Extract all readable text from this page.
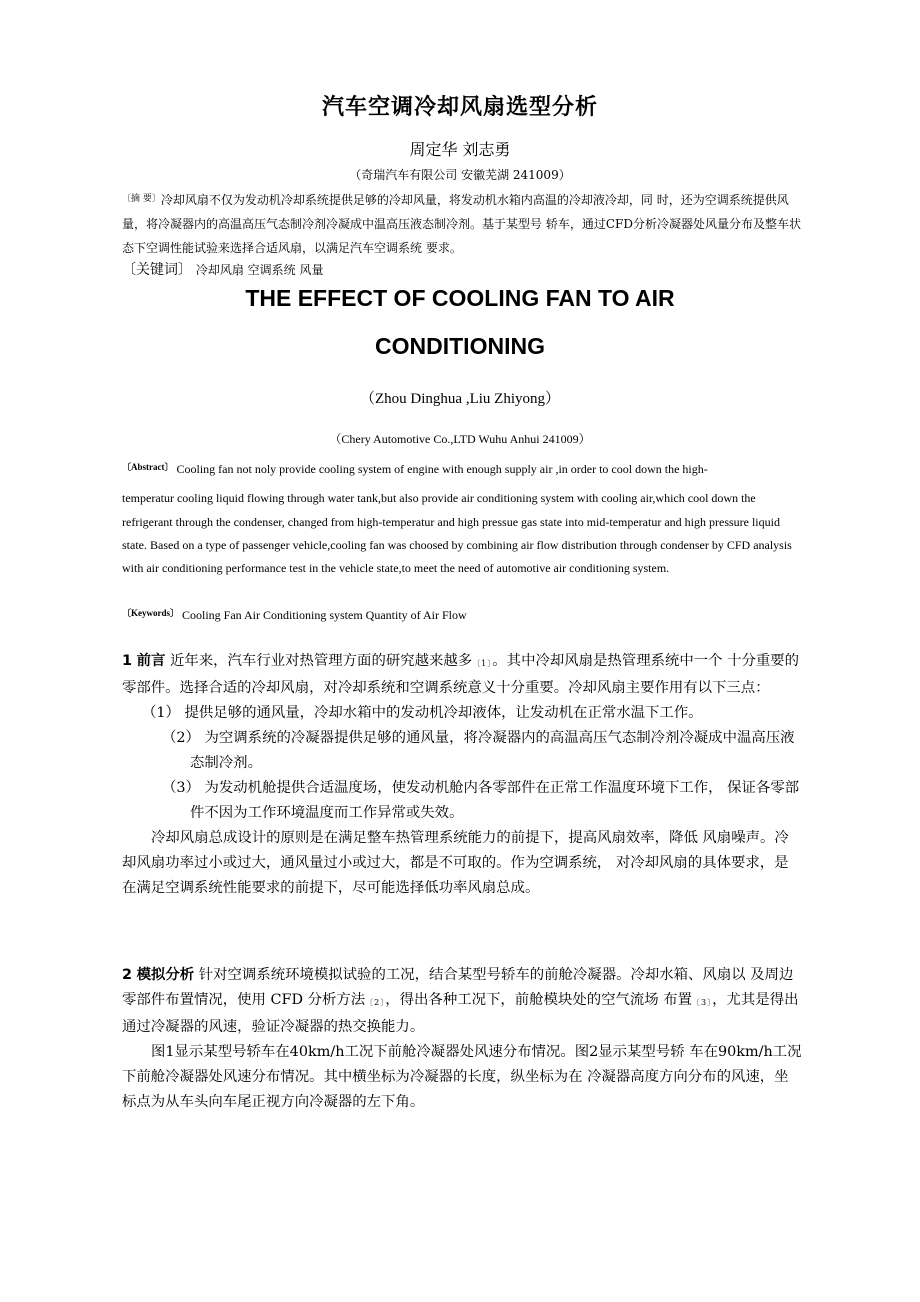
汽车空调冷却风扇选型分析
周定华 刘志勇
（奇瑞汽车有限公司 安徽芜湖 241009）
$^{〔摘 要〕}$冷却风扇不仅为发动机冷却系统提供足够的冷却风量，将发动机水箱内高温的冷却液冷却，同 时，还为空调系统提供风量，将冷凝器内的高温高压气态制冷剂冷凝成中温高压液态制冷剂。基于某型号 轿车，通过CFD分析冷凝器处风量分布及整车状态下空调性能试验来选择合适风扇，以满足汽车空调系统 要求。
〔关键词〕 冷却风扇 空调系统 风量
THE EFFECT OF COOLING FAN TO AIR
CONDITIONING
（Zhou Dinghua ,Liu Zhiyong）
（Chery Automotive Co.,LTD Wuhu Anhui 241009）
$^{〔Abstract〕}$ Cooling fan not noly provide cooling system of engine with enough supply air ,in order to cool down the high-
temperatur cooling liquid flowing through water tank,but also provide air conditioning system with cooling air,which cool down the refrigerant through the condenser, changed from high-temperatur and high pressue gas state into mid-temperatur and high pressure liquid state. Based on a type of passenger vehicle,cooling fan was choosed by combining air flow distribution through condenser by CFD analysis with air conditioning performance test in the vehicle state,to meet the need of automotive air conditioning system.
$^{〔Keywords〕}$ Cooling Fan Air Conditioning system Quantity of Air Flow
1 前言 近年来，汽车行业对热管理方面的研究越来越多〔1〕。其中冷却风扇是热管理系统中一个 十分重要的零部件。选择合适的冷却风扇，对冷却系统和空调系统意义十分重要。冷却风扇主要作用有以下三点：
（1） 提供足够的通风量，冷却水箱中的发动机冷却液体，让发动机在正常水温下工作。
（2） 为空调系统的冷凝器提供足够的通风量，将冷凝器内的高温高压气态制冷剂冷凝成中温高压液态制冷剂。
（3） 为发动机舱提供合适温度场，使发动机舱内各零部件在正常工作温度环境下工作， 保证各零部件不因为工作环境温度而工作异常或失效。
冷却风扇总成设计的原则是在满足整车热管理系统能力的前提下，提高风扇效率，降低 风扇噪声。冷却风扇功率过小或过大，通风量过小或过大，都是不可取的。作为空调系统， 对冷却风扇的具体要求，是在满足空调系统性能要求的前提下，尽可能选择低功率风扇总成。
2 模拟分析 针对空调系统环境模拟试验的工况，结合某型号轿车的前舱冷凝器。冷却水箱、风扇以 及周边零部件布置情况，使用 CFD 分析方法〔2〕，得出各种工况下，前舱模块处的空气流场 布置〔3〕，尤其是得出通过冷凝器的风速，验证冷凝器的热交换能力。
图1显示某型号轿车在40km/h工况下前舱冷凝器处风速分布情况。图2显示某型号轿 车在90km/h工况下前舱冷凝器处风速分布情况。其中横坐标为冷凝器的长度，纵坐标为在 冷凝器高度方向分布的风速，坐标点为从车头向车尾正视方向冷凝器的左下角。
